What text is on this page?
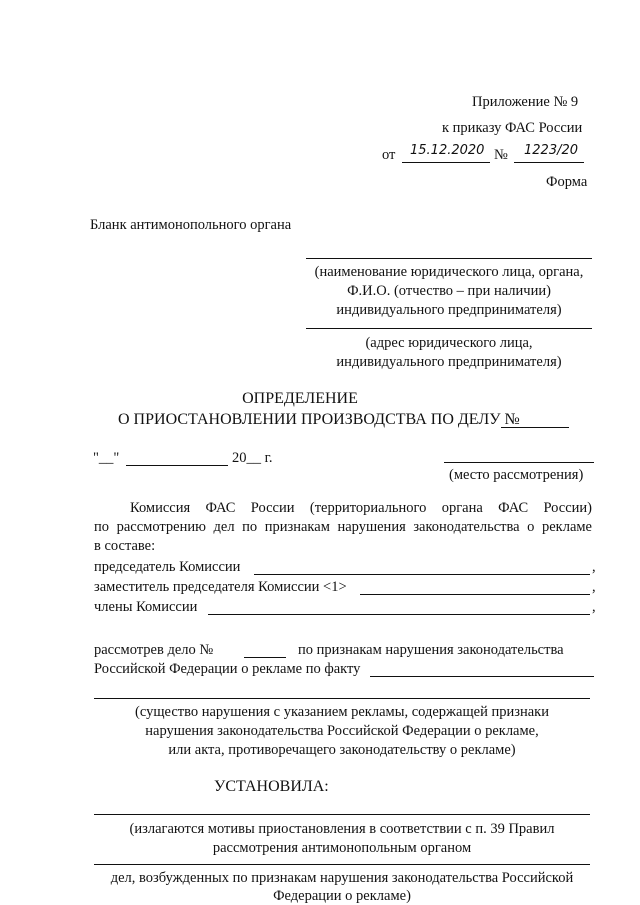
Приложение № 9
к приказу ФАС России
от 15.12.2020 № 1223/20
Форма
Бланк антимонопольного органа
(наименование юридического лица, органа,
Ф.И.О. (отчество – при наличии)
индивидуального предпринимателя)
(адрес юридического лица,
индивидуального предпринимателя)
ОПРЕДЕЛЕНИЕ
О ПРИОСТАНОВЛЕНИИ ПРОИЗВОДСТВА ПО ДЕЛУ №
"__"	20__ г.
(место рассмотрения)
Комиссия ФАС России (территориального органа ФАС России)
по рассмотрению дел по признакам нарушения законодательства о рекламе
в составе:
председатель Комиссии	,
заместитель председателя Комиссии <1>	,
члены Комиссии	,
рассмотрев дело №	по признакам нарушения законодательства
Российской Федерации о рекламе по факту
(существо нарушения с указанием рекламы, содержащей признаки
нарушения законодательства Российской Федерации о рекламе,
или акта, противоречащего законодательству о рекламе)
УСТАНОВИЛА:
(излагаются мотивы приостановления в соответствии с п. 39 Правил
рассмотрения антимонопольным органом
дел, возбужденных по признакам нарушения законодательства Российской
Федерации о рекламе)
